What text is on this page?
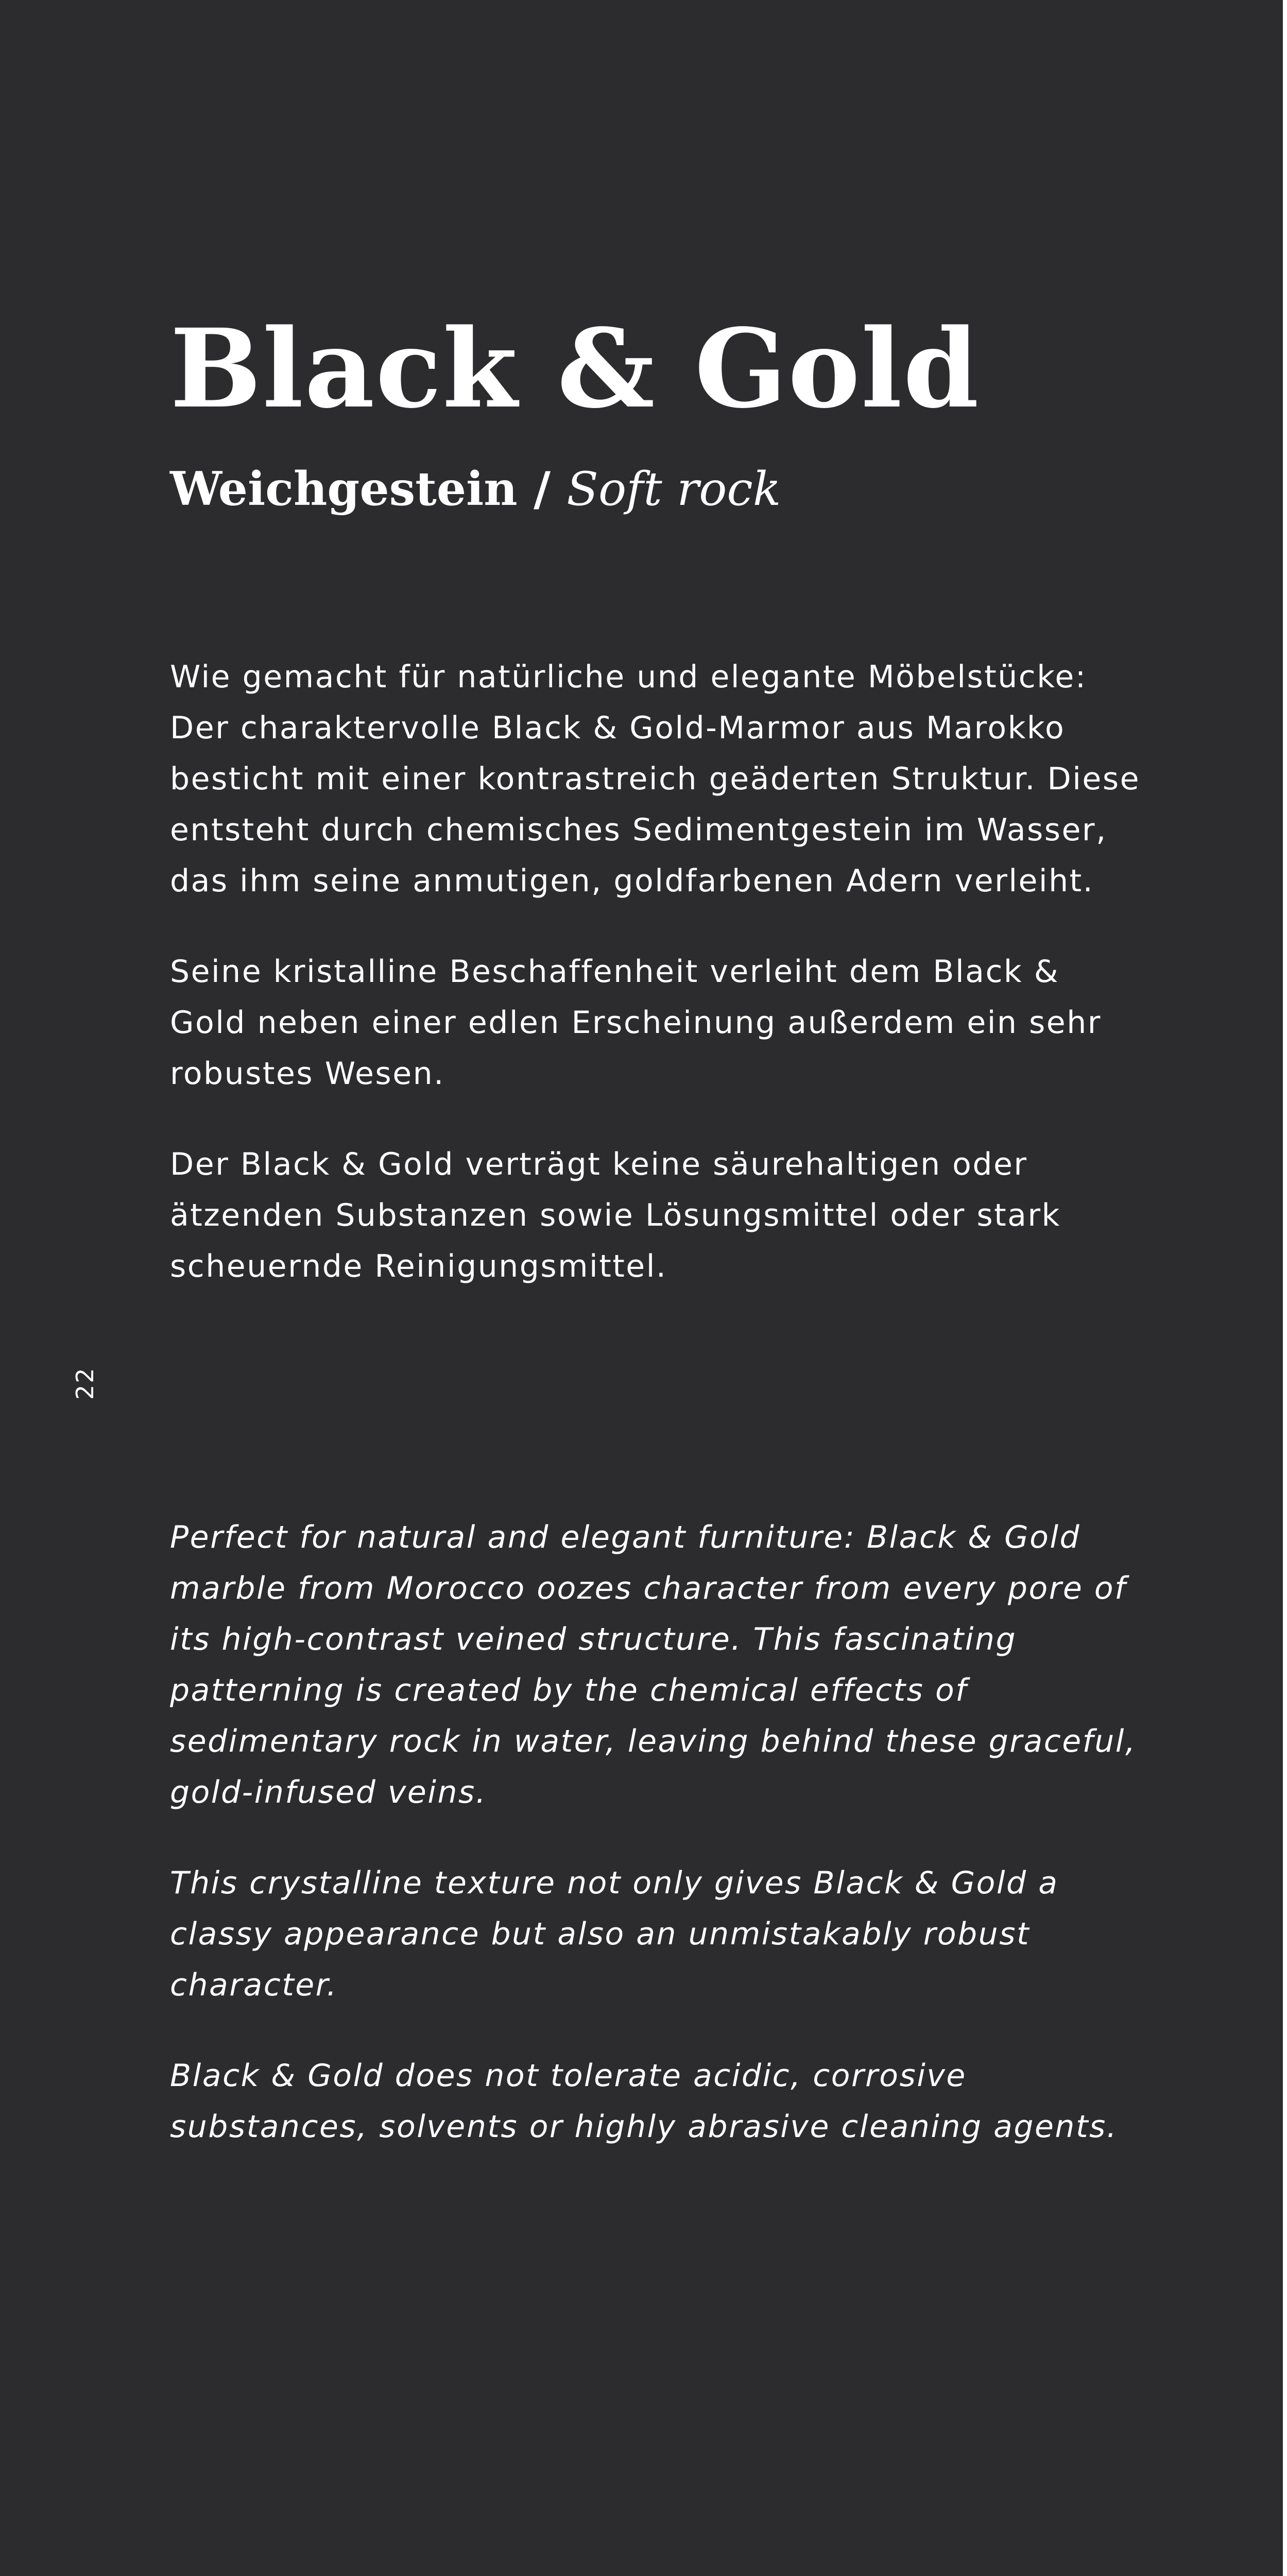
Black & Gold
Weichgestein / Soft rock

Wie gemacht für natürliche und elegante Möbelstücke: Der charaktervolle Black & Gold-Marmor aus Marokko besticht mit einer kontrastreich geäderten Struktur. Diese entsteht durch chemisches Sedimentgestein im Wasser, das ihm seine anmutigen, goldfarbenen Adern verleiht.

Seine kristalline Beschaffenheit verleiht dem Black & Gold neben einer edlen Erscheinung außerdem ein sehr robustes Wesen.

Der Black & Gold verträgt keine säurehaltigen oder ätzenden Substanzen sowie Lösungsmittel oder stark scheuernde Reinigungsmittel.

22

Perfect for natural and elegant furniture: Black & Gold marble from Morocco oozes character from every pore of its high-contrast veined structure. This fascinating patterning is created by the chemical effects of sedimentary rock in water, leaving behind these graceful, gold-infused veins.

This crystalline texture not only gives Black & Gold a classy appearance but also an unmistakably robust character.

Black & Gold does not tolerate acidic, corrosive substances, solvents or highly abrasive cleaning agents.
